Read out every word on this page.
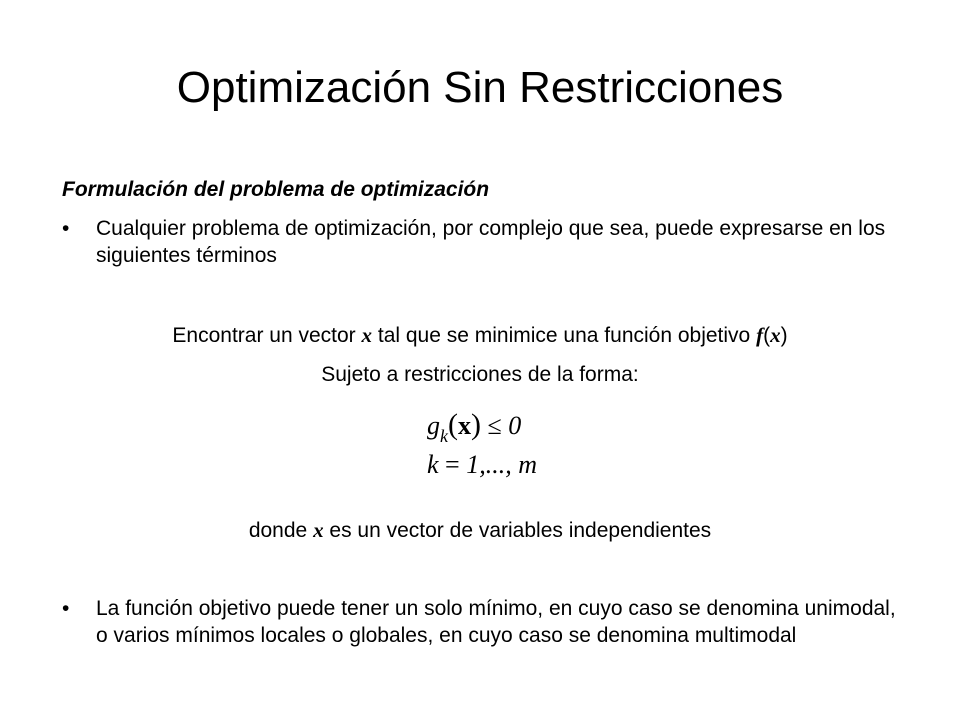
Optimización Sin Restricciones
Formulación del problema de optimización
• Cualquier problema de optimización, por complejo que sea, puede expresarse en los siguientes términos
Encontrar un vector x tal que se minimice una función objetivo f(x)
Sujeto a restricciones de la forma:
$g_k(x) \le 0$
k = 1,..., m
donde x es un vector de variables independientes
• La función objetivo puede tener un solo mínimo, en cuyo caso se denomina unimodal, o varios mínimos locales o globales, en cuyo caso se denomina multimodal
